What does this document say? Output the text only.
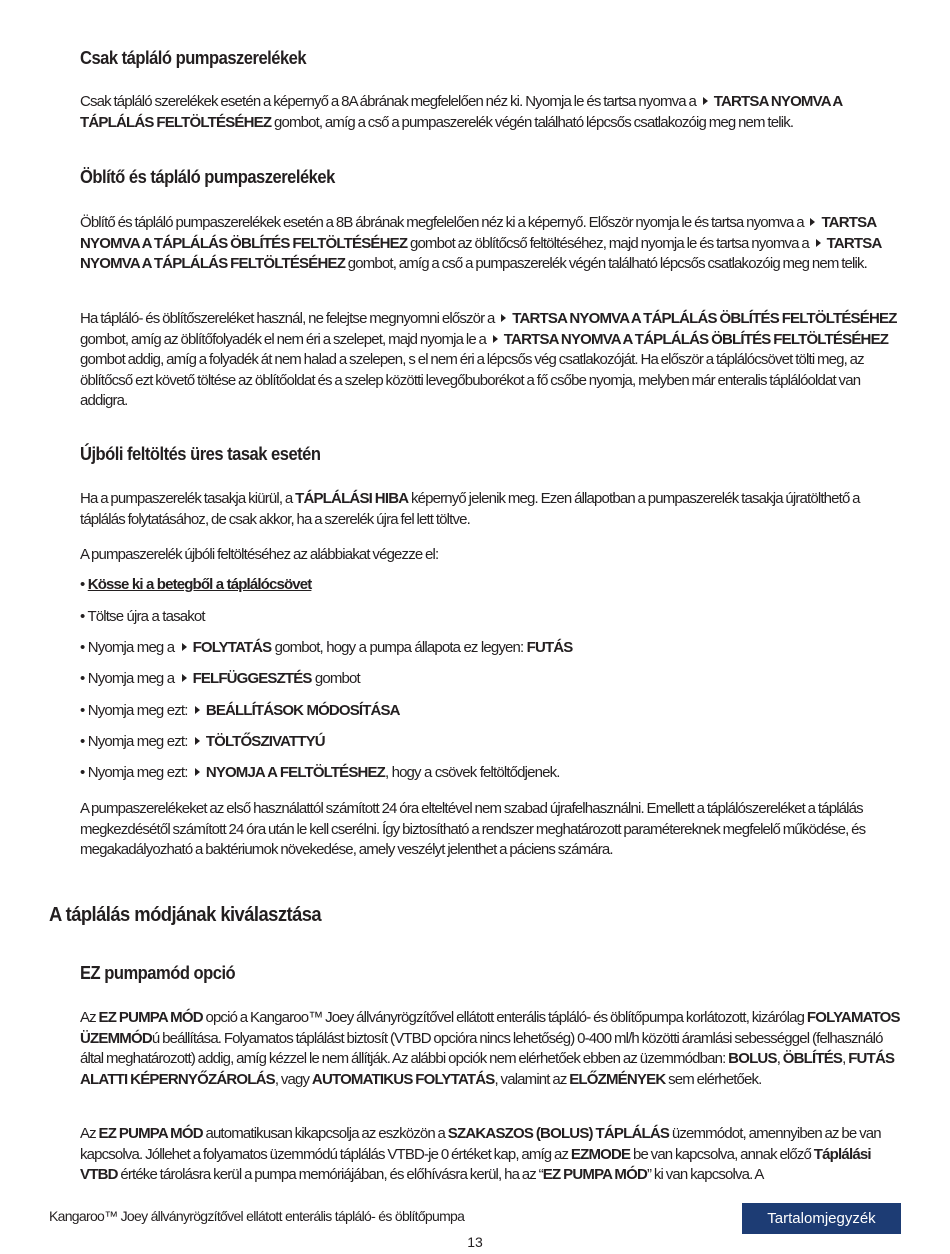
Csak tápláló pumpaszerelékek

Csak tápláló szerelékek esetén a képernyő a 8A ábrának megfelelően néz ki. Nyomja le és tartsa nyomva a TARTSA NYOMVA A TÁPLÁLÁS FELTÖLTÉSÉHEZ gombot, amíg a cső a pumpaszerelék végén található lépcsős csatlakozóig meg nem telik.

Öblítő és tápláló pumpaszerelékek

Öblítő és tápláló pumpaszerelékek esetén a 8B ábrának megfelelően néz ki a képernyő. Először nyomja le és tartsa nyomva a TARTSA NYOMVA A TÁPLÁLÁS ÖBLÍTÉS FELTÖLTÉSÉHEZ gombot az öblítőcső feltöltéséhez, majd nyomja le és tartsa nyomva a TARTSA NYOMVA A TÁPLÁLÁS FELTÖLTÉSÉHEZ gombot, amíg a cső a pumpaszerelék végén található lépcsős csatlakozóig meg nem telik.

Ha tápláló- és öblítőszereléket használ, ne felejtse megnyomni először a TARTSA NYOMVA A TÁPLÁLÁS ÖBLÍTÉS FELTÖLTÉSÉHEZ gombot, amíg az öblítőfolyadék el nem éri a szelepet, majd nyomja le a TARTSA NYOMVA A TÁPLÁLÁS ÖBLÍTÉS FELTÖLTÉSÉHEZ gombot addig, amíg a folyadék át nem halad a szelepen, s el nem éri a lépcsős vég csatlakozóját. Ha először a táplálócsövet tölti meg, az öblítőcső ezt követő töltése az öblítőoldat és a szelep közötti levegőbuborékot a fő csőbe nyomja, melyben már enteralis táplálóoldat van addigra.

Újbóli feltöltés üres tasak esetén

Ha a pumpaszerelék tasakja kiürül, a TÁPLÁLÁSI HIBA képernyő jelenik meg. Ezen állapotban a pumpaszerelék tasakja újratölthető a táplálás folytatásához, de csak akkor, ha a szerelék újra fel lett töltve.

A pumpaszerelék újbóli feltöltéséhez az alábbiakat végezze el:

• Kösse ki a betegből a táplálócsövet
• Töltse újra a tasakot
• Nyomja meg a FOLYTATÁS gombot, hogy a pumpa állapota ez legyen: FUTÁS
• Nyomja meg a FELFÜGGESZTÉS gombot
• Nyomja meg ezt: BEÁLLÍTÁSOK MÓDOSÍTÁSA
• Nyomja meg ezt: TÖLTŐSZIVATTYÚ
• Nyomja meg ezt: NYOMJA A FELTÖLTÉSHEZ, hogy a csövek feltöltődjenek.

A pumpaszerelékeket az első használattól számított 24 óra elteltével nem szabad újrafelhasználni. Emellett a táplálószereléket a táplálás megkezdésétől számított 24 óra után le kell cserélni. Így biztosítható a rendszer meghatározott paramétereknek megfelelő működése, és megakadályozható a baktériumok növekedése, amely veszélyt jelenthet a páciens számára.

A táplálás módjának kiválasztása
EZ pumpamód opció

Az EZ PUMPA MÓD opció a Kangaroo™ Joey állványrögzítővel ellátott enterális tápláló- és öblítőpumpa korlátozott, kizárólag FOLYAMATOS ÜZEMMÓDú beállítása. Folyamatos táplálást biztosít (VTBD opcióra nincs lehetőség) 0-400 ml/h közötti áramlási sebességgel (felhasználó által meghatározott) addig, amíg kézzel le nem állítják. Az alábbi opciók nem elérhetőek ebben az üzemmódban: BOLUS, ÖBLÍTÉS, FUTÁS ALATTI KÉPERNYŐZÁROLÁS, vagy AUTOMATIKUS FOLYTATÁS, valamint az ELŐZMÉNYEK sem elérhetőek.

Az EZ PUMPA MÓD automatikusan kikapcsolja az eszközön a SZAKASZOS (BOLUS) TÁPLÁLÁS üzemmódot, amennyiben az be van kapcsolva. Jóllehet a folyamatos üzemmódú táplálás VTBD-je 0 értéket kap, amíg az EZMODE be van kapcsolva, annak előző Táplálási VTBD értéke tárolásra kerül a pumpa memóriájában, és előhívásra kerül, ha az “EZ PUMPA MÓD” ki van kapcsolva. A

Kangaroo™ Joey állványrögzítővel ellátott enterális tápláló- és öblítőpumpa	Tartalomjegyzék
13
